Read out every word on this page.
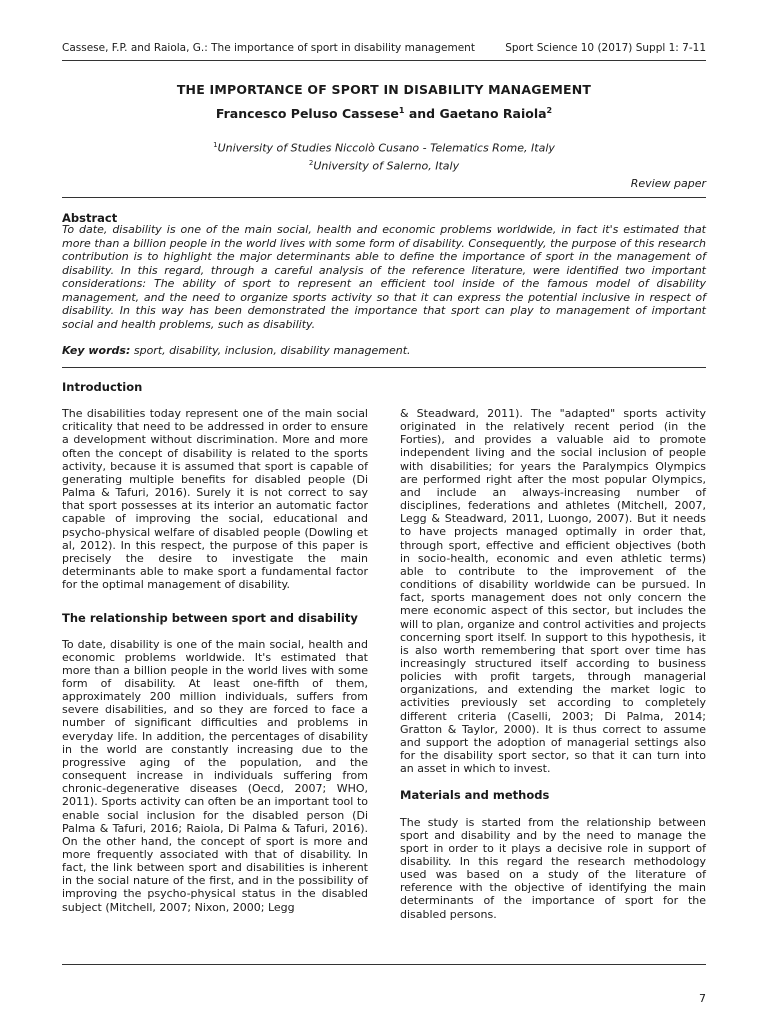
Cassese, F.P. and Raiola, G.: The importance of sport in disability management	Sport Science 10 (2017) Suppl 1: 7-11
THE IMPORTANCE OF SPORT IN DISABILITY MANAGEMENT
Francesco Peluso Cassese$^1$ and Gaetano Raiola$^2$
$^1$University of Studies Niccolò Cusano - Telematics Rome, Italy
$^2$University of Salerno, Italy
Review paper
Abstract
To date, disability is one of the main social, health and economic problems worldwide, in fact it's estimated that more than a billion people in the world lives with some form of disability. Consequently, the purpose of this research contribution is to highlight the major determinants able to define the importance of sport in the management of disability. In this regard, through a careful analysis of the reference literature, were identified two important considerations: The ability of sport to represent an efficient tool inside of the famous model of disability management, and the need to organize sports activity so that it can express the potential inclusive in respect of disability. In this way has been demonstrated the importance that sport can play to management of important social and health problems, such as disability.
Key words: sport, disability, inclusion, disability management.
Introduction
The disabilities today represent one of the main social criticality that need to be addressed in order to ensure a development without discrimination. More and more often the concept of disability is related to the sports activity, because it is assumed that sport is capable of generating multiple benefits for disabled people (Di Palma & Tafuri, 2016). Surely it is not correct to say that sport possesses at its interior an automatic factor capable of improving the social, educational and psycho-physical welfare of disabled people (Dowling et al, 2012). In this respect, the purpose of this paper is precisely the desire to investigate the main determinants able to make sport a fundamental factor for the optimal management of disability.
The relationship between sport and disability
To date, disability is one of the main social, health and economic problems worldwide. It's estimated that more than a billion people in the world lives with some form of disability. At least one-fifth of them, approximately 200 million individuals, suffers from severe disabilities, and so they are forced to face a number of significant difficulties and problems in everyday life. In addition, the percentages of disability in the world are constantly increasing due to the progressive aging of the population, and the consequent increase in individuals suffering from chronic-degenerative diseases (Oecd, 2007; WHO, 2011). Sports activity can often be an important tool to enable social inclusion for the disabled person (Di Palma & Tafuri, 2016; Raiola, Di Palma & Tafuri, 2016). On the other hand, the concept of sport is more and more frequently associated with that of disability. In fact, the link between sport and disabilities is inherent in the social nature of the first, and in the possibility of improving the psycho-physical status in the disabled subject (Mitchell, 2007; Nixon, 2000; Legg
& Steadward, 2011). The "adapted" sports activity originated in the relatively recent period (in the Forties), and provides a valuable aid to promote independent living and the social inclusion of people with disabilities; for years the Paralympics Olympics are performed right after the most popular Olympics, and include an always-increasing number of disciplines, federations and athletes (Mitchell, 2007, Legg & Steadward, 2011, Luongo, 2007). But it needs to have projects managed optimally in order that, through sport, effective and efficient objectives (both in socio-health, economic and even athletic terms) able to contribute to the improvement of the conditions of disability worldwide can be pursued. In fact, sports management does not only concern the mere economic aspect of this sector, but includes the will to plan, organize and control activities and projects concerning sport itself. In support to this hypothesis, it is also worth remembering that sport over time has increasingly structured itself according to business policies with profit targets, through managerial organizations, and extending the market logic to activities previously set according to completely different criteria (Caselli, 2003; Di Palma, 2014; Gratton & Taylor, 2000). It is thus correct to assume and support the adoption of managerial settings also for the disability sport sector, so that it can turn into an asset in which to invest.
Materials and methods
The study is started from the relationship between sport and disability and by the need to manage the sport in order to it plays a decisive role in support of disability. In this regard the research methodology used was based on a study of the literature of reference with the objective of identifying the main determinants of the importance of sport for the disabled persons.
7
